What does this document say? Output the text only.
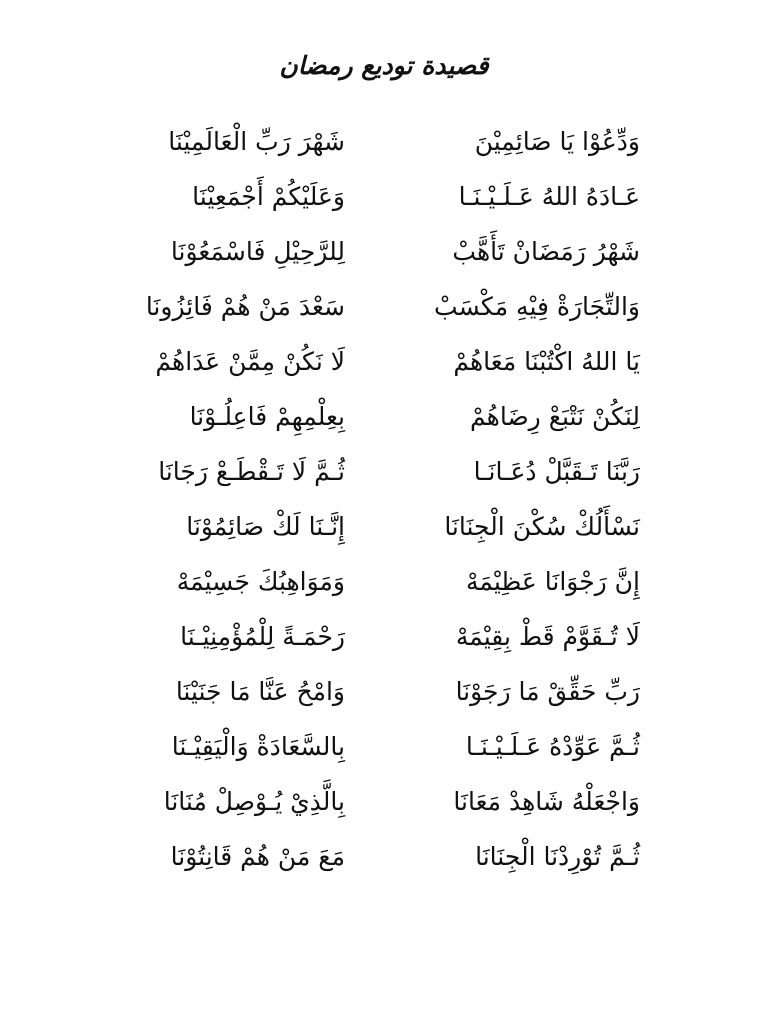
قصيدة توديع رمضان
وَدِّعُوْا يَا صَائِمِيْنَ
شَهْرَ رَبِّ الْعَالَمِيْنَا
عَـادَهُ اللهُ عَـلَـيْـنَـا
وَعَلَيْكُمْ أَجْمَعِيْنَا
شَهْرُ رَمَضَانْ تَأَهَّبْ
لِلرَّحِيْلِ فَاسْمَعُوْنَا
وَالتِّجَارَةْ فِيْهِ مَكْسَبْ
سَعْدَ مَنْ هُمْ فَائِزُونَا
يَا اللهُ اكْتُبْنَا مَعَاهُمْ
لَا نَكُنْ مِمَّنْ عَدَاهُمْ
لِنَكُنْ نَتْبَعْ رِضَاهُمْ
بِعِلْمِهِمْ فَاعِلُـوْنَا
رَبَّنَا تَـقَبَّلْ دُعَـانَـا
ثُـمَّ لَا تَـقْطَـعْ رَجَانَا
نَسْأَلُكْ سُكْنَ الْجِنَانَا
إِنَّـنَا لَكْ صَائِمُوْنَا
إِنَّ رَجْوَانَا عَظِيْمَهْ
وَمَوَاهِبُكَ جَسِيْمَهْ
لَا تُـقَوَّمْ قَطْ بِقِيْمَهْ
رَحْمَـةً لِلْمُؤْمِنِيْـنَا
رَبِّ حَقِّقْ مَا رَجَوْنَا
وَامْحُ عَنَّا مَا جَنَيْنَا
ثُـمَّ عَوِّدْهُ عَـلَـيْـنَـا
بِالسَّعَادَةْ وَالْيَقِيْـنَا
وَاجْعَلْهُ شَاهِدْ مَعَانَا
بِالَّذِيْ يُـوْصِلْ مُنَانَا
ثُـمَّ تُوْرِدْنَا الْجِنَانَا
مَعَ مَنْ هُمْ قَانِتُوْنَا
